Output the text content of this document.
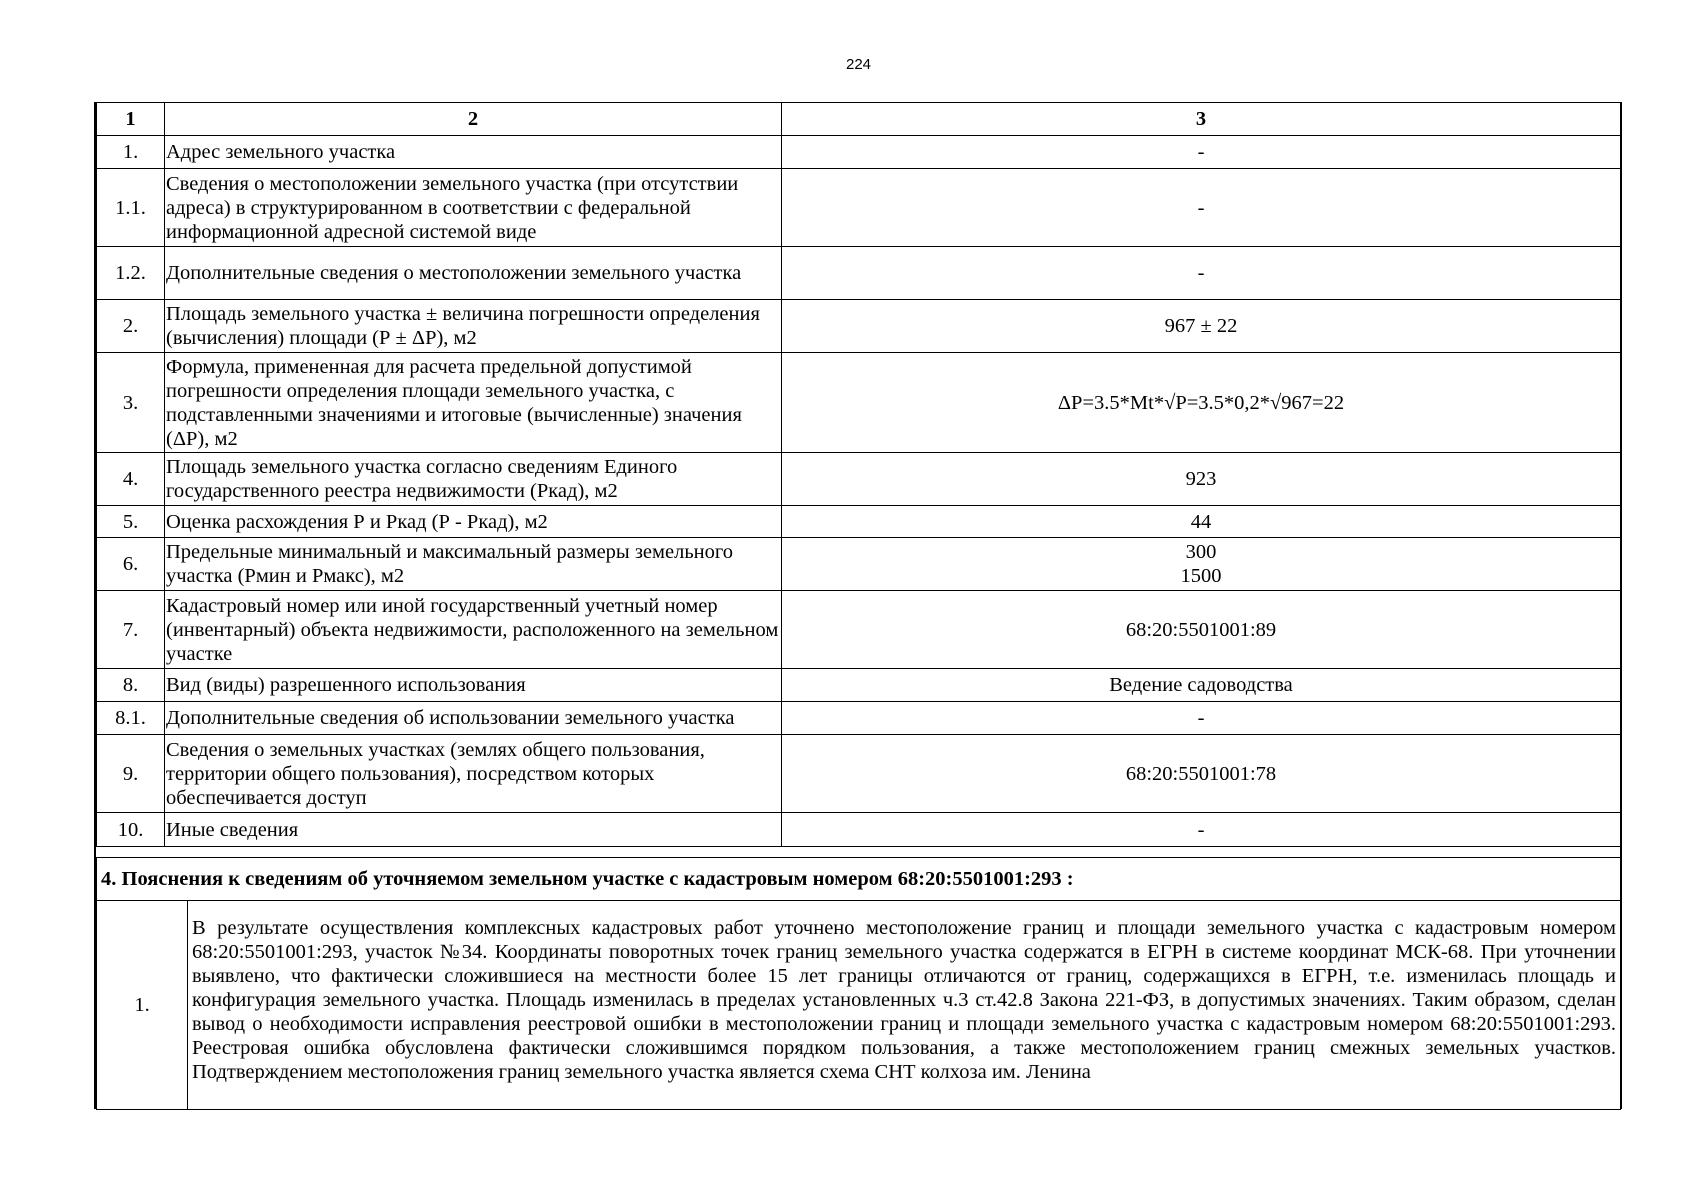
224
1	2	3
1.	Адрес земельного участка	-
1.1.	Сведения о местоположении земельного участка (при отсутствии адреса) в структурированном в соответствии с федеральной информационной адресной системой виде	-
1.2.	Дополнительные сведения о местоположении земельного участка	-
2.	Площадь земельного участка ± величина погрешности определения (вычисления) площади (Р ± ΔР), м2	967 ± 22
3.	Формула, примененная для расчета предельной допустимой погрешности определения площади земельного участка, с подставленными значениями и итоговые (вычисленные) значения (ΔР), м2	ΔP=3.5*Mt*√P=3.5*0,2*√967=22
4.	Площадь земельного участка согласно сведениям Единого государственного реестра недвижимости (Ркад), м2	923
5.	Оценка расхождения Р и Ркад (Р - Ркад), м2	44
6.	Предельные минимальный и максимальный размеры земельного участка (Рмин и Рмакс), м2	300
1500

7.	Кадастровый номер или иной государственный учетный номер (инвентарный) объекта недвижимости, расположенного на земельном участке	68:20:5501001:89
8.	Вид (виды) разрешенного использования	Ведение садоводства
8.1.	Дополнительные сведения об использовании земельного участка	-
9.	Сведения о земельных участках (землях общего пользования, территории общего пользования), посредством которых обеспечивается доступ	68:20:5501001:78
10.	Иные сведения	-
4. Пояснения к сведениям об уточняемом земельном участке с кадастровым номером 68:20:5501001:293 :
1.	В результате осуществления комплексных кадастровых работ уточнено местоположение границ и площади земельного участка с кадастровым номером 68:20:5501001:293, участок №34. Координаты поворотных точек границ земельного участка содержатся в ЕГРН в системе координат МСК-68. При уточнении выявлено, что фактически сложившиеся на местности более 15 лет границы отличаются от границ, содержащихся в ЕГРН, т.е. изменилась площадь и конфигурация земельного участка. Площадь изменилась в пределах установленных ч.3 ст.42.8 Закона 221-ФЗ, в допустимых значениях. Таким образом, сделан вывод о необходимости исправления реестровой ошибки в местоположении границ и площади земельного участка с кадастровым номером 68:20:5501001:293. Реестровая ошибка обусловлена фактически сложившимся порядком пользования, а также местоположением границ смежных земельных участков. Подтверждением местоположения границ земельного участка является схема СНТ колхоза им. Ленина
